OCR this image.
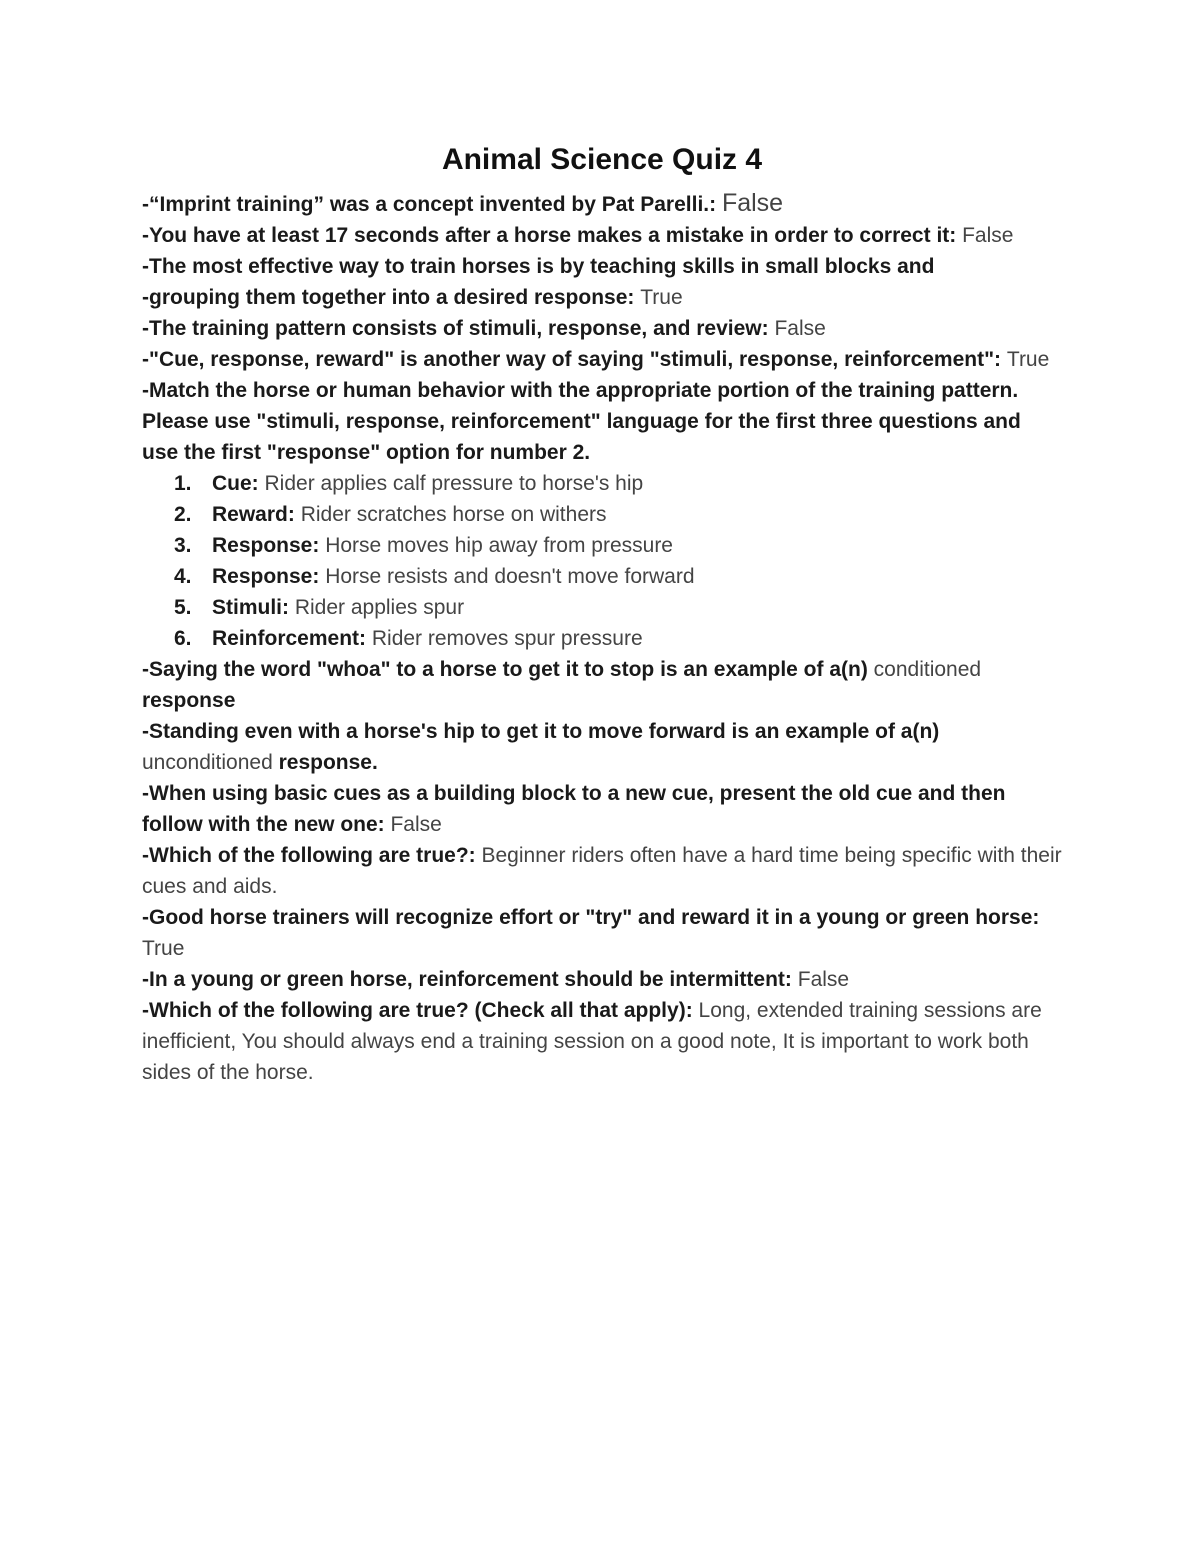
Animal Science Quiz 4

-“Imprint training” was a concept invented by Pat Parelli.: False

-You have at least 17 seconds after a horse makes a mistake in order to correct it: False

-The most effective way to train horses is by teaching skills in small blocks and

-grouping them together into a desired response: True

-The training pattern consists of stimuli, response, and review: False

-"Cue, response, reward" is another way of saying "stimuli, response, reinforcement": True

-Match the horse or human behavior with the appropriate portion of the training pattern. Please use "stimuli, response, reinforcement" language for the first three questions and use the first "response" option for number 2.

1. Cue: Rider applies calf pressure to horse's hip
2. Reward: Rider scratches horse on withers
3. Response: Horse moves hip away from pressure
4. Response: Horse resists and doesn't move forward
5. Stimuli: Rider applies spur
6. Reinforcement: Rider removes spur pressure

-Saying the word "whoa" to a horse to get it to stop is an example of a(n) conditioned response

-Standing even with a horse's hip to get it to move forward is an example of a(n) unconditioned response.

-When using basic cues as a building block to a new cue, present the old cue and then follow with the new one: False

-Which of the following are true?: Beginner riders often have a hard time being specific with their cues and aids.

-Good horse trainers will recognize effort or "try" and reward it in a young or green horse: True

-In a young or green horse, reinforcement should be intermittent: False

-Which of the following are true? (Check all that apply): Long, extended training sessions are inefficient, You should always end a training session on a good note, It is important to work both sides of the horse.
